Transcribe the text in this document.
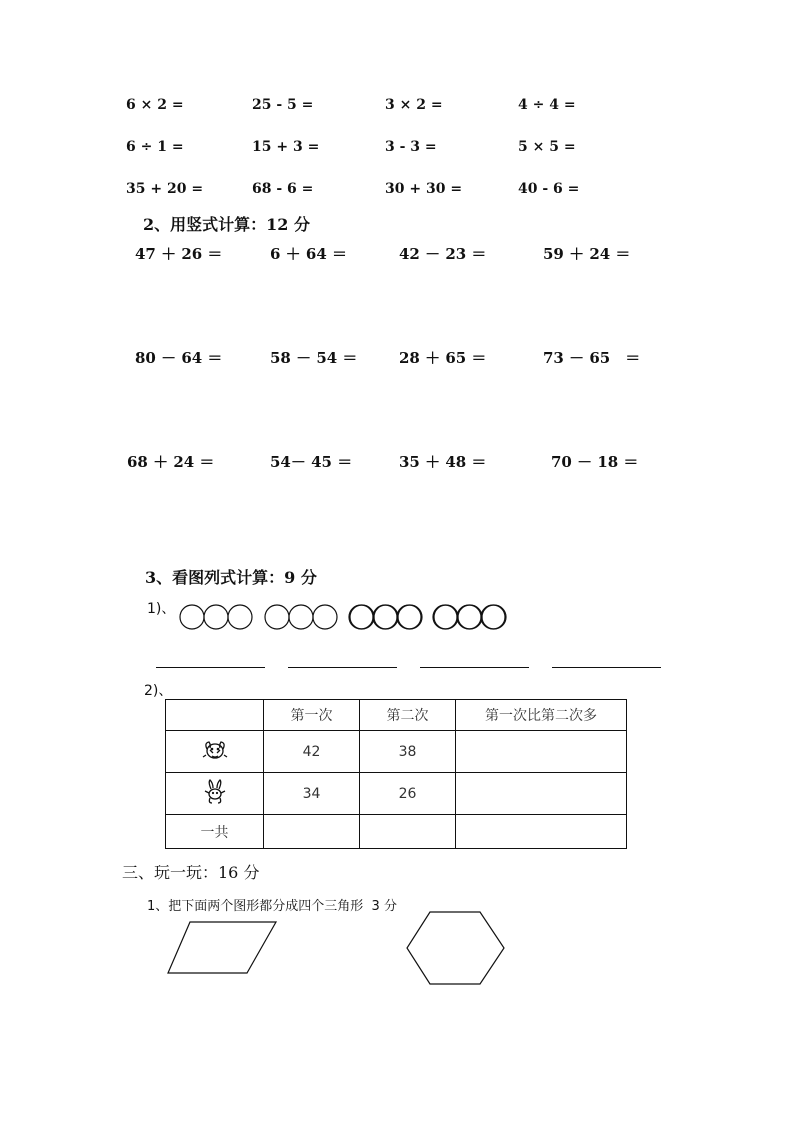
6 × 2 =	25 - 5 =	3 × 2 =	4 ÷ 4 =
6 ÷ 1 =	15 + 3 =	3 - 3 =	5 × 5 =
35 + 20 =	68 - 6 =	30 + 30 =	40 - 6 =
2、用竖式计算：12 分
47 ＋ 26 ＝	6 ＋ 64 ＝	42 － 23 ＝	59 ＋ 24 ＝
80 － 64 ＝	58 － 54 ＝	28 ＋ 65 ＝	73 － 65　＝
68 ＋ 24 ＝	54－ 45 ＝	35 ＋ 48 ＝	70 － 18 ＝
3、看图列式计算：9 分
1)、
2)、
	第一次	第二次	第一次比第二次多
	42	38	
	34	26	
一共			
三、玩一玩：16 分
1、把下面两个图形都分成四个三角形  3 分
